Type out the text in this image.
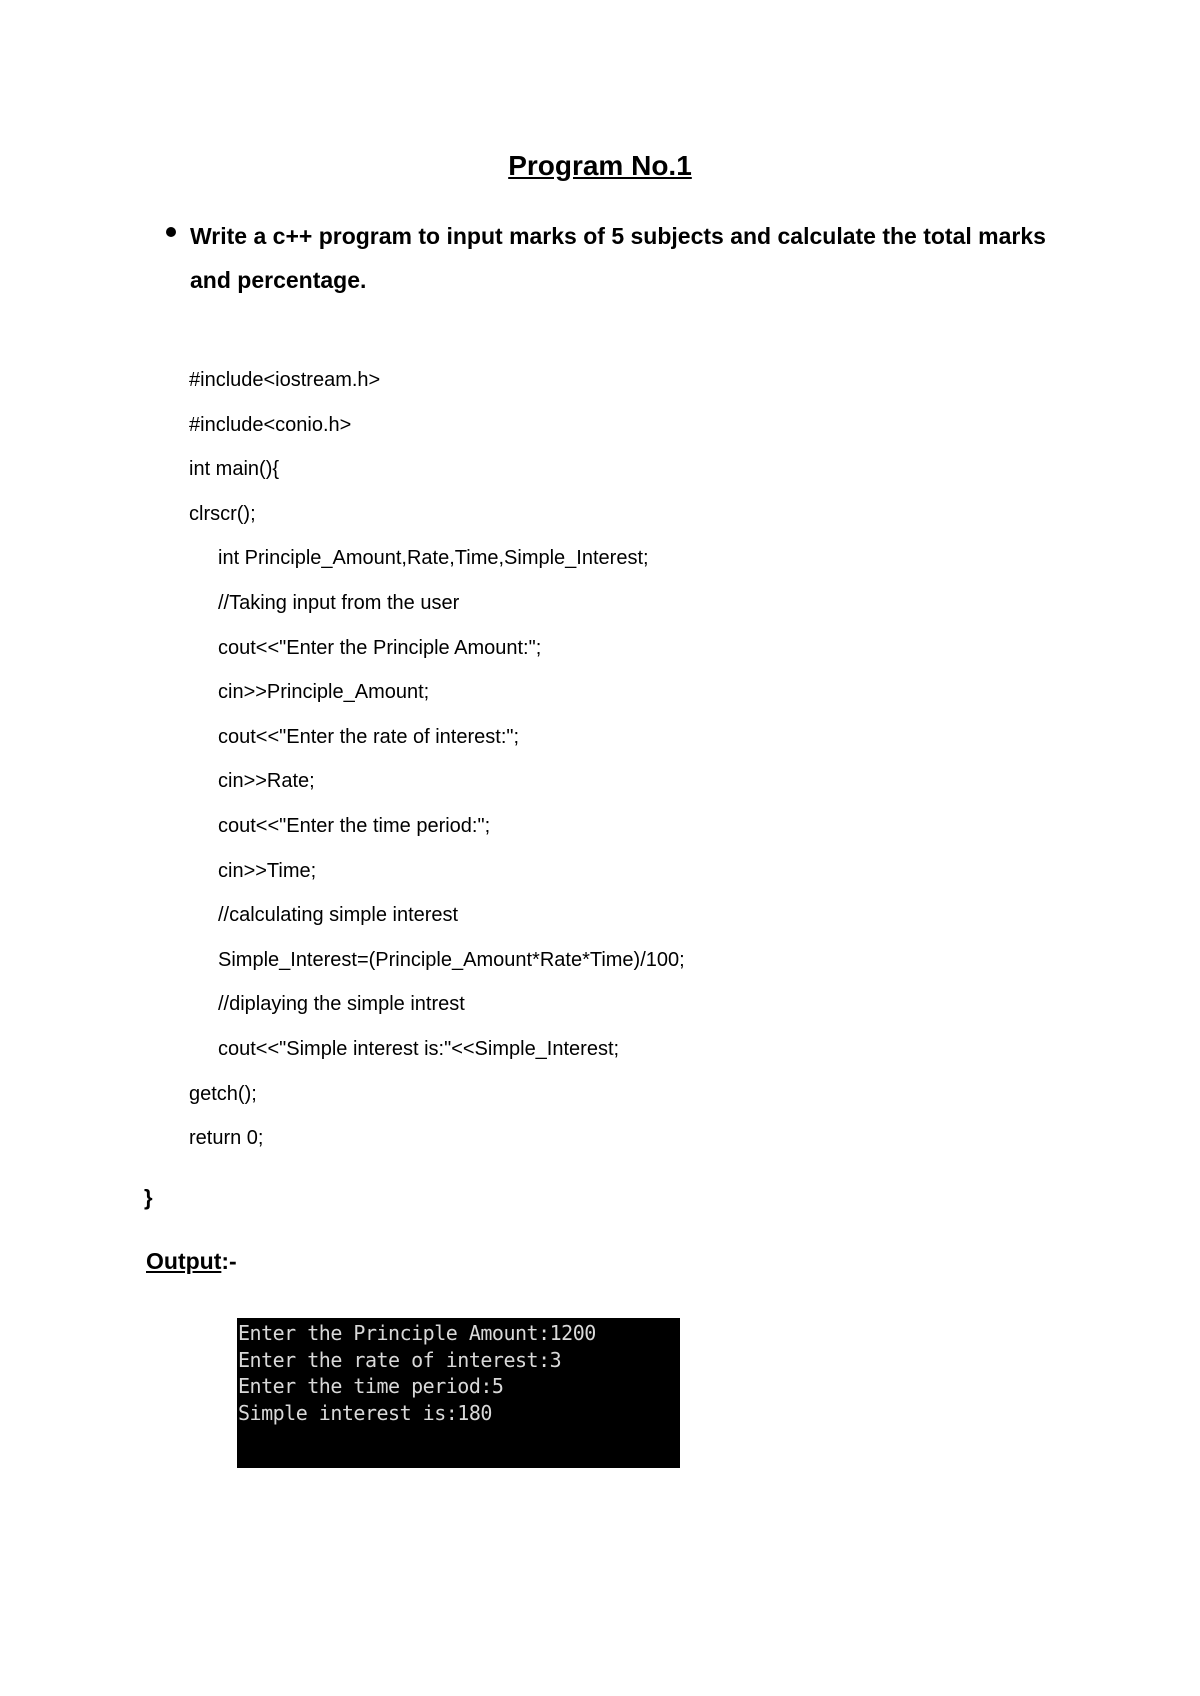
Program No.1
Write a c++ program to input marks of 5 subjects and calculate the total marks and percentage.
#include<iostream.h>
#include<conio.h>
int main(){
clrscr();
int Principle_Amount,Rate,Time,Simple_Interest;
//Taking input from the user
cout<<"Enter the Principle Amount:";
cin>>Principle_Amount;
cout<<"Enter the rate of interest:";
cin>>Rate;
cout<<"Enter the time period:";
cin>>Time;
//calculating simple interest
Simple_Interest=(Principle_Amount*Rate*Time)/100;
//diplaying the simple intrest
cout<<"Simple interest is:"<<Simple_Interest;
getch();
return 0;
}
Output:-
Enter the Principle Amount:1200
Enter the rate of interest:3
Enter the time period:5
Simple interest is:180
